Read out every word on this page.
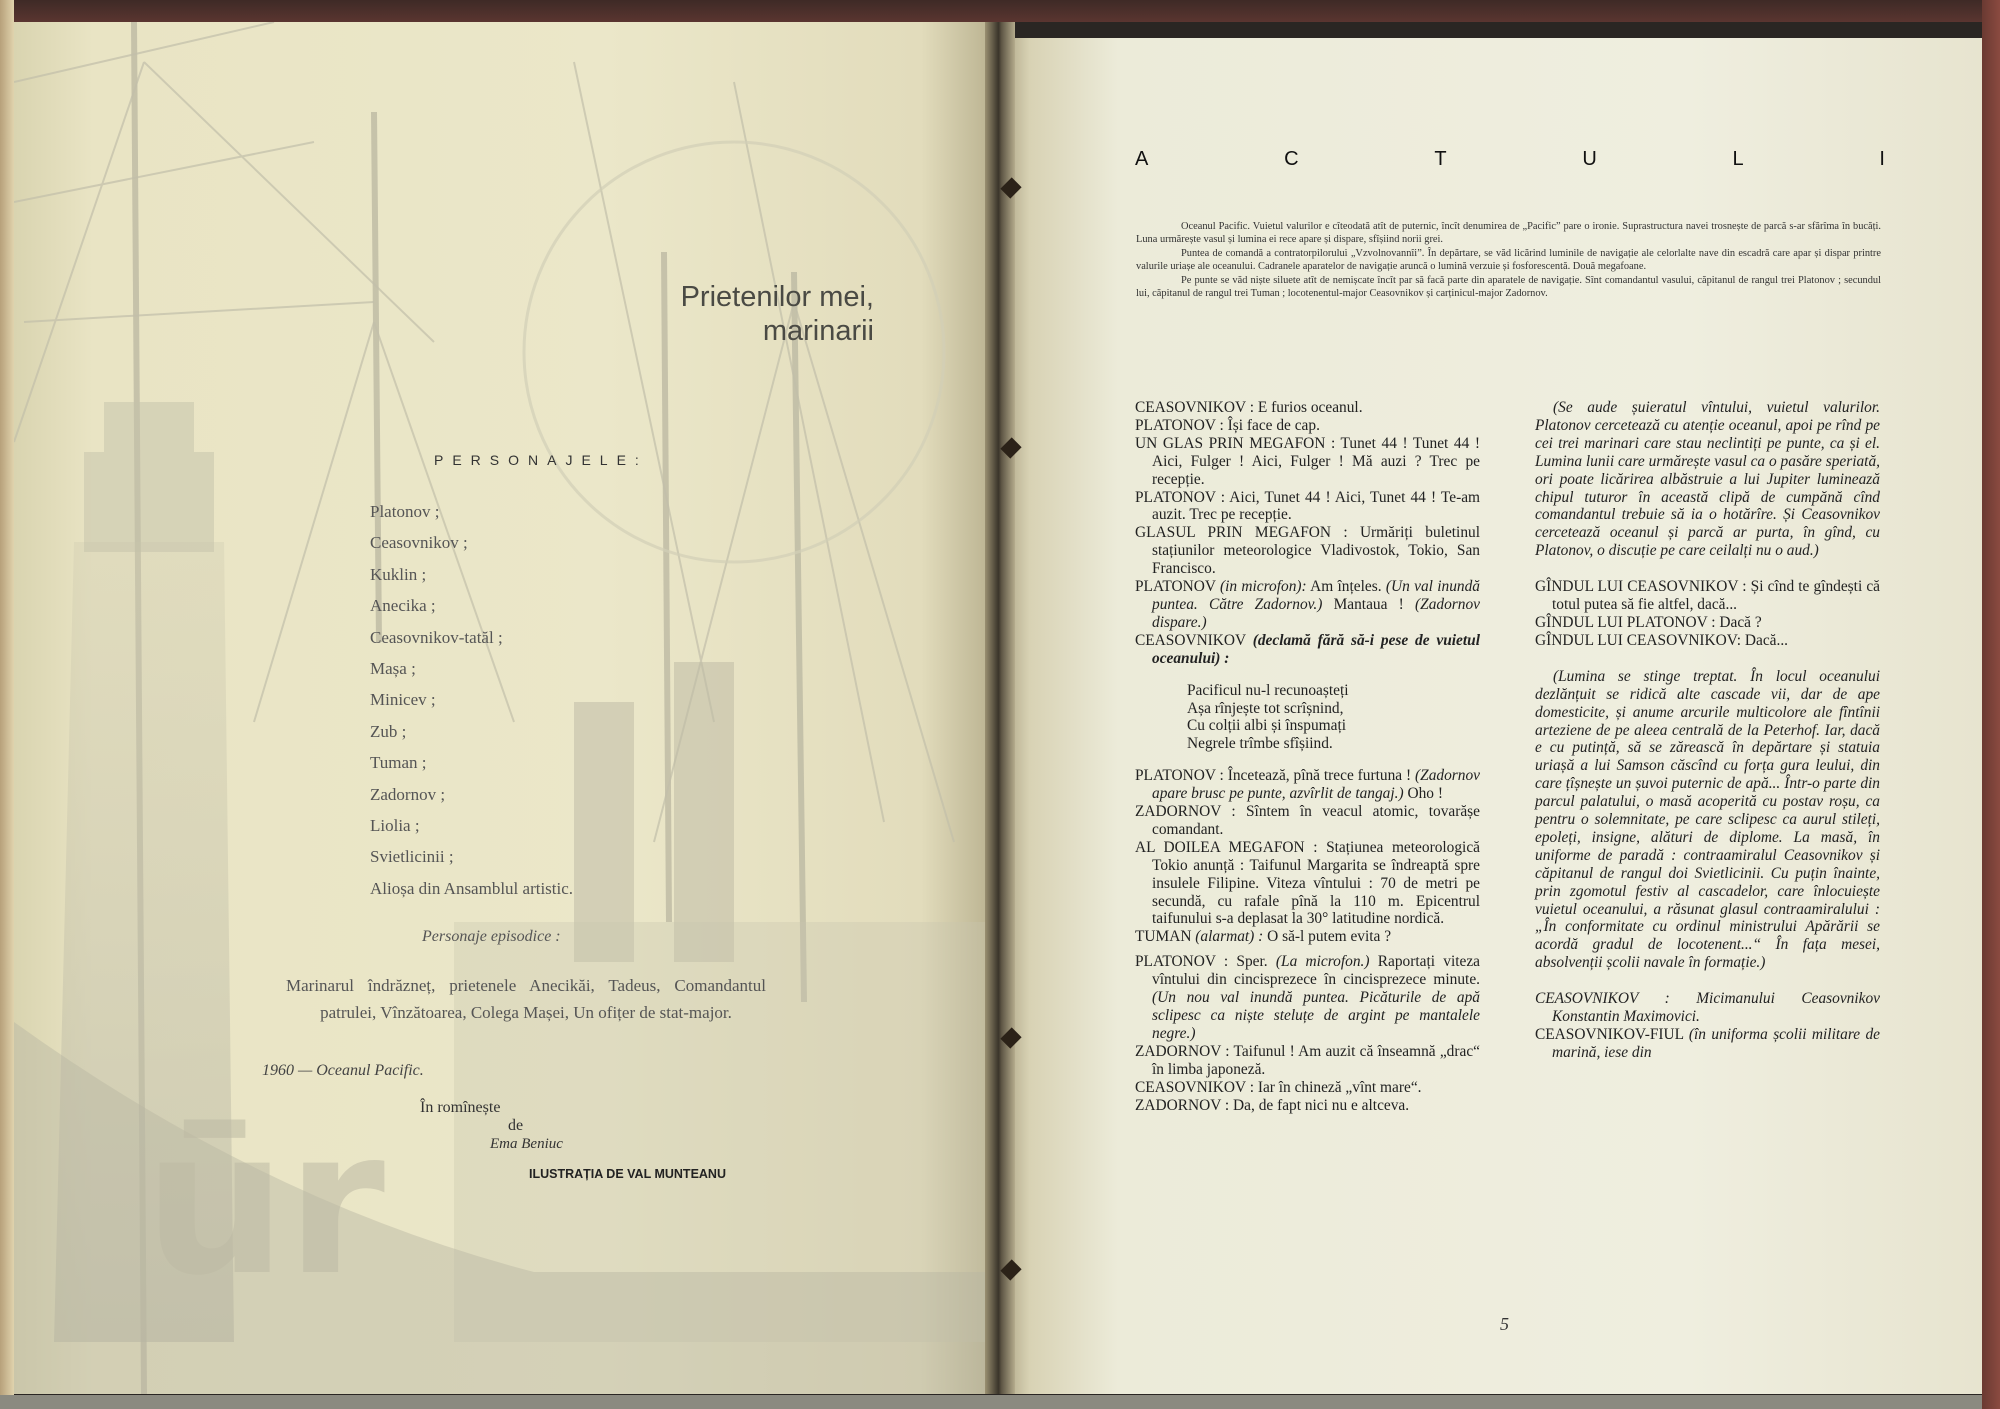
ūr
Prietenilor mei,
marinarii
PERSONAJELE:
Platonov ;
Ceasovnikov ;
Kuklin ;
Anecika ;
Ceasovnikov-tatăl ;
Mașa ;
Minicev ;
Zub ;
Tuman ;
Zadornov ;
Liolia ;
Svietlicinii ;
Alioșa din Ansamblul artistic.
Personaje episodice :
Marinarul îndrăzneț, prietenele Anecikăi, Tadeus, Comandantul patrulei, Vînzătoarea, Colega Mașei, Un ofițer de stat-major.
1960 — Oceanul Pacific.
În romînește
de
Ema Beniuc
ILUSTRAȚIA DE VAL MUNTEANU
A	C	T	U	L	I

Oceanul Pacific. Vuietul valurilor e cîteodată atît de puternic, încît denumirea de „Pacific” pare o ironie. Suprastructura navei trosnește de parcă s-ar sfărîma în bucăți. Luna urmărește vasul și lumina ei rece apare și dispare, sfîșiind norii grei.

Puntea de comandă a contratorpilorului „Vzvolnovannîi”. În depărtare, se văd licărind luminile de navigație ale celorlalte nave din escadră care apar și dispar printre valurile uriașe ale oceanului. Cadranele aparatelor de navigație aruncă o lumină verzuie și fosforescentă. Două megafoane.

Pe punte se văd niște siluete atît de nemișcate încît par să facă parte din aparatele de navigație. Sînt comandantul vasului, căpitanul de rangul trei Platonov ; secundul lui, căpitanul de rangul trei Tuman ; locotenentul-major Ceasovnikov și carținicul-major Zadornov.

CEASOVNIKOV : E furios oceanul.

PLATONOV : Își face de cap.

UN GLAS PRIN MEGAFON : Tunet 44 ! Tunet 44 ! Aici, Fulger ! Aici, Fulger ! Mă auzi ? Trec pe recepție.

PLATONOV : Aici, Tunet 44 ! Aici, Tunet 44 ! Te-am auzit. Trec pe recepție.

GLASUL PRIN MEGAFON : Urmăriți buletinul stațiunilor meteorologice Vladivostok, Tokio, San Francisco.

PLATONOV (in microfon): Am înțeles. (Un val inundă puntea. Către Zadornov.) Mantaua ! (Zadornov dispare.)

CEASOVNIKOV (declamă fără să-i pese de vuietul oceanului) :

Pacificul nu-l recunoașteți
Așa rînjește tot scrîșnind,
Cu colții albi și înspumați
Negrele trîmbe sfîșiind.

PLATONOV : Încetează, pînă trece furtuna ! (Zadornov apare brusc pe punte, azvîrlit de tangaj.) Oho !

ZADORNOV : Sîntem în veacul atomic, tovarășe comandant.

AL DOILEA MEGAFON : Stațiunea meteorologică Tokio anunță : Taifunul Margarita se îndreaptă spre insulele Filipine. Viteza vîntului : 70 de metri pe secundă, cu rafale pînă la 110 m. Epicentrul taifunului s-a deplasat la 30° latitudine nordică.

TUMAN (alarmat) : O să-l putem evita ?

PLATONOV : Sper. (La microfon.) Raportați viteza vîntului din cincisprezece în cincisprezece minute. (Un nou val inundă puntea. Picăturile de apă sclipesc ca niște steluțe de argint pe mantalele negre.)

ZADORNOV : Taifunul ! Am auzit că înseamnă „drac“ în limba japoneză.

CEASOVNIKOV : Iar în chineză „vînt mare“.

ZADORNOV : Da, de fapt nici nu e altceva.

(Se aude șuieratul vîntului, vuietul valurilor. Platonov cercetează cu atenție oceanul, apoi pe rînd pe cei trei marinari care stau neclintiți pe punte, ca și el. Lumina lunii care urmărește vasul ca o pasăre speriată, ori poate licărirea albăstruie a lui Jupiter luminează chipul tuturor în această clipă de cumpănă cînd comandantul trebuie să ia o hotărîre. Și Ceasovnikov cercetează oceanul și parcă ar purta, în gînd, cu Platonov, o discuție pe care ceilalți nu o aud.)

GÎNDUL LUI CEASOVNIKOV : Și cînd te gîndești că totul putea să fie altfel, dacă...

GÎNDUL LUI PLATONOV : Dacă ?

GÎNDUL LUI CEASOVNIKOV: Dacă...

(Lumina se stinge treptat. În locul oceanului dezlănțuit se ridică alte cascade vii, dar de ape domesticite, și anume arcurile multicolore ale fîntînii arteziene de pe aleea centrală de la Peterhof. Iar, dacă e cu putință, să se zărească în depărtare și statuia uriașă a lui Samson căscînd cu forța gura leului, din care țîșnește un șuvoi puternic de apă... Într-o parte din parcul palatului, o masă acoperită cu postav roșu, ca pentru o solemnitate, pe care sclipesc ca aurul stileți, epoleți, insigne, alături de diplome. La masă, în uniforme de paradă : contraamiralul Ceasovnikov și căpitanul de rangul doi Svietlicinii. Cu puțin înainte, prin zgomotul festiv al cascadelor, care înlocuiește vuietul oceanului, a răsunat glasul contraamiralului : „În conformitate cu ordinul ministrului Apărării se acordă gradul de locotenent...“ În fața mesei, absolvenții școlii navale în formație.)

CEASOVNIKOV : Micimanului Ceasovnikov Konstantin Maximovici.

CEASOVNIKOV-FIUL (în uniforma școlii militare de marină, iese din

5
